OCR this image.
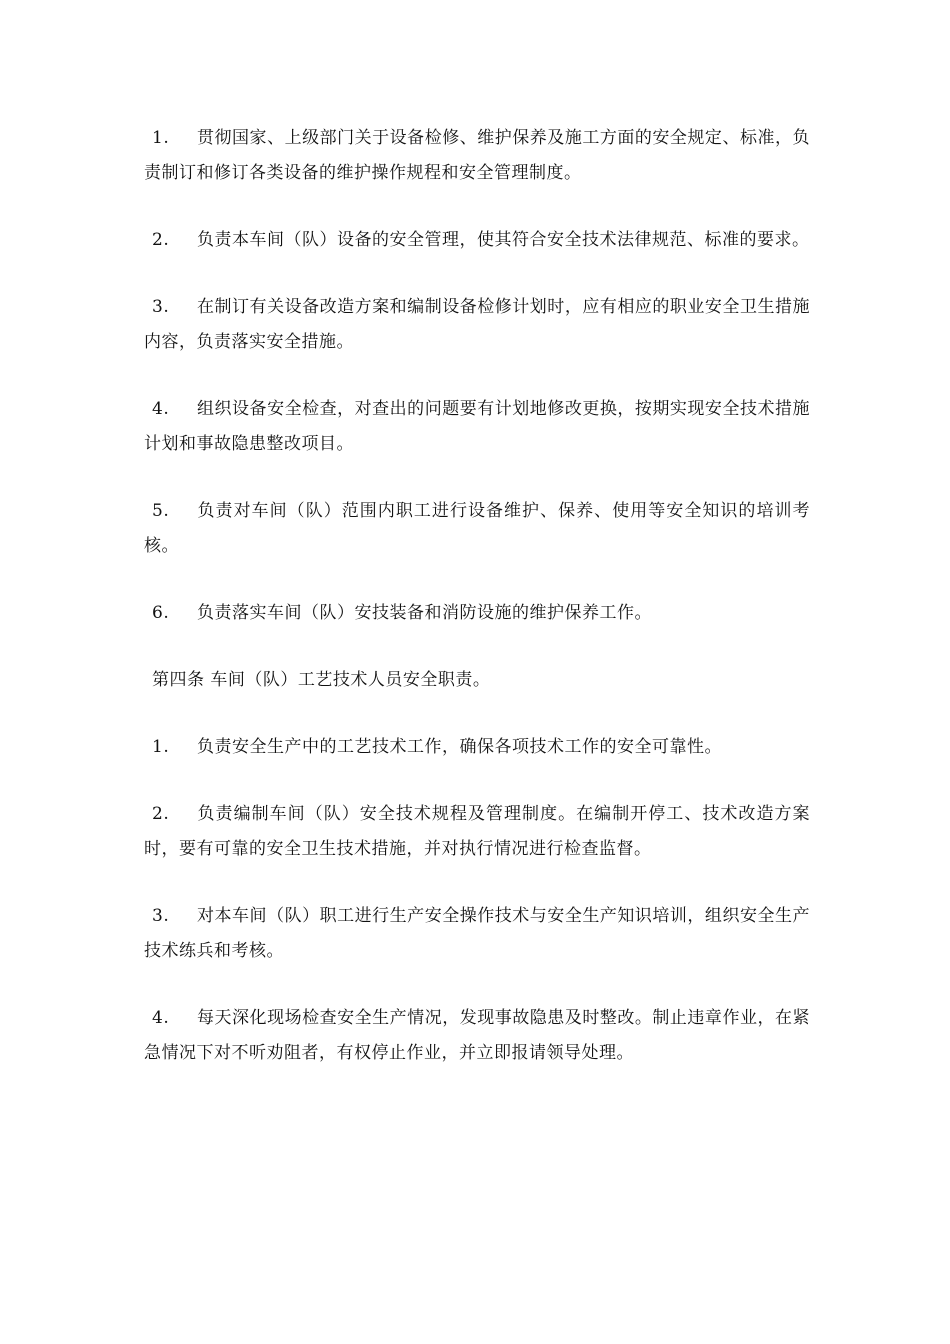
1. 贯彻国家、上级部门关于设备检修、维护保养及施工方面的安全规定、标准，负责制订和修订各类设备的维护操作规程和安全管理制度。

2. 负责本车间（队）设备的安全管理，使其符合安全技术法律规范、标准的要求。

3. 在制订有关设备改造方案和编制设备检修计划时，应有相应的职业安全卫生措施内容，负责落实安全措施。

4. 组织设备安全检查，对查出的问题要有计划地修改更换，按期实现安全技术措施计划和事故隐患整改项目。

5. 负责对车间（队）范围内职工进行设备维护、保养、使用等安全知识的培训考核。

6. 负责落实车间（队）安技装备和消防设施的维护保养工作。

第四条 车间（队）工艺技术人员安全职责。

1. 负责安全生产中的工艺技术工作，确保各项技术工作的安全可靠性。

2. 负责编制车间（队）安全技术规程及管理制度。在编制开停工、技术改造方案时，要有可靠的安全卫生技术措施，并对执行情况进行检查监督。

3. 对本车间（队）职工进行生产安全操作技术与安全生产知识培训，组织安全生产技术练兵和考核。

4. 每天深化现场检查安全生产情况，发现事故隐患及时整改。制止违章作业，在紧急情况下对不听劝阻者，有权停止作业，并立即报请领导处理。
